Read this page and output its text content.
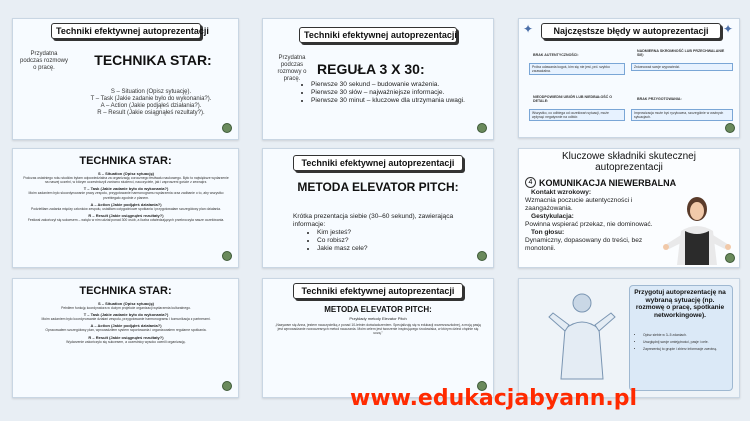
Techniki efektywnej autoprezentacji
Przydatna podczas rozmowy o pracę.	TECHNIKA STAR:
S – Situation (Opisz sytuację).
T – Task (Jakie zadanie było do wykonania?).
A – Action (Jakie podjąłeś działania?).
R – Result (Jakie osiągnąłeś rezultaty?).
Techniki efektywnej autoprezentacji
Przydatna podczas rozmowy o pracę.
REGUŁA 3 X 30:
• Pierwsze 30 sekund – budowanie wrażenia.
• Pierwsze 30 słów – najważniejsze informacje.
• Pierwsze 30 minut – kluczowe dla utrzymania uwagi.
✦	✦
Najczęstsze błędy w autoprezentacji
BRAK AUTENTYCZNOŚCI:
Próba udawania kogoś, kim się nie jest, prd. szybko zauważalna.
NADMIERNA SKROMNOŚĆ LUB PRZECHWALANIE SIĘ:
Zrównoważ swoje wypowiedzi.
NIEODPOWIEDNI UBIÓR LUB NIEDBAŁOŚĆ O DETALE:
Wszystko, co odbiega od oczekiwań sytuacji, może wpłynąć negatywnie na odbiór.
BRAK PRZYGOTOWANIA:
Improwizacja może być ryzykowna, szczególnie w ważnych sytuacjach.
TECHNIKA STAR:
S – Situation (Opisz sytuację)
Podczas ostatniego roku studiów byłam odpowiedzialna za organizację corocznego festiwalu naukowego. Było to największe wydarzenie na naszej uczelni, w którym uczestniczyli zarówno studenci, nauczyciele, jak i zaproszeni goście z zewnątrz.
T – Task (Jakie zadanie było do wykonania?)
Moim zadaniem było skoordynowanie pracy zespołu, przygotowanie harmonogramu wydarzenia oraz zadbanie o to, aby wszystko przebiegało zgodnie z planem.
A – Action (Jakie podjąłeś działania?)
Podzieliłam zadania między członków zespołu, ustaliłam cotygodniowe spotkania i przygotowałam szczegółowy plan działania.
R – Result (Jakie osiągnąłeś rezultaty?)
Festiwal zakończył się sukcesem – wzięło w nim udział ponad 300 osób, a liczba odwiedzających przekroczyła nasze oczekiwania.
Techniki efektywnej autoprezentacji
METODA ELEVATOR PITCH:
Krótka prezentacja siebie (30–60 sekund), zawierająca informacje:
• Kim jesteś?
• Co robisz?
• Jakie masz cele?
Kluczowe składniki skutecznej autoprezentacji
4 KOMUNIKACJA NIEWERBALNA
Kontakt wzrokowy:
Wzmacnia poczucie autentyczności i zaangażowania.
Gestykulacja:
Powinna wspierać przekaz, nie dominować.
Ton głosu:
Dynamiczny, dopasowany do treści, bez monotonii.
TECHNIKA STAR:
S – Situation (Opisz sytuację)
Pełniłem funkcję koordynatora w dużym projekcie organizacji wydarzenia kulturalnego.
T – Task (Jakie zadanie było do wykonania?)
Moim zadaniem było koordynowanie działań zespołu, przygotowanie harmonogramu i komunikacja z partnerami.
A – Action (Jakie podjąłeś działania?)
Opracowałem szczegółowy plan, wprowadziłem system raportowania i organizowałem regularne spotkania.
R – Result (Jakie osiągnąłeś rezultaty?)
Wydarzenie zakończyło się sukcesem, a uczestnicy wysoko ocenili organizację.
Techniki efektywnej autoprezentacji
METODA ELEVATOR PITCH:
Przykłady metody Elevator Pitch
„Nazywam się Anna, jestem nauczycielką z ponad 10-letnim doświadczeniem. Specjalizuję się w edukacji wczesnoszkolnej, a moją pasją jest wprowadzanie nowoczesnych metod nauczania. Moim celem jest tworzenie inspirującego środowiska, w którym dzieci chętnie się uczą.”
Przygotuj autoprezentację na wybraną sytuację (np. rozmowę o pracę, spotkanie networkingowe).
• Opisz siebie w 3–5 zdaniach.
• Uwzględnij swoje umiejętności, pasje i cele.
• Zaprezentuj to grupie i zbierz informacje zwrotną.
www.edukacjabyann.pl
